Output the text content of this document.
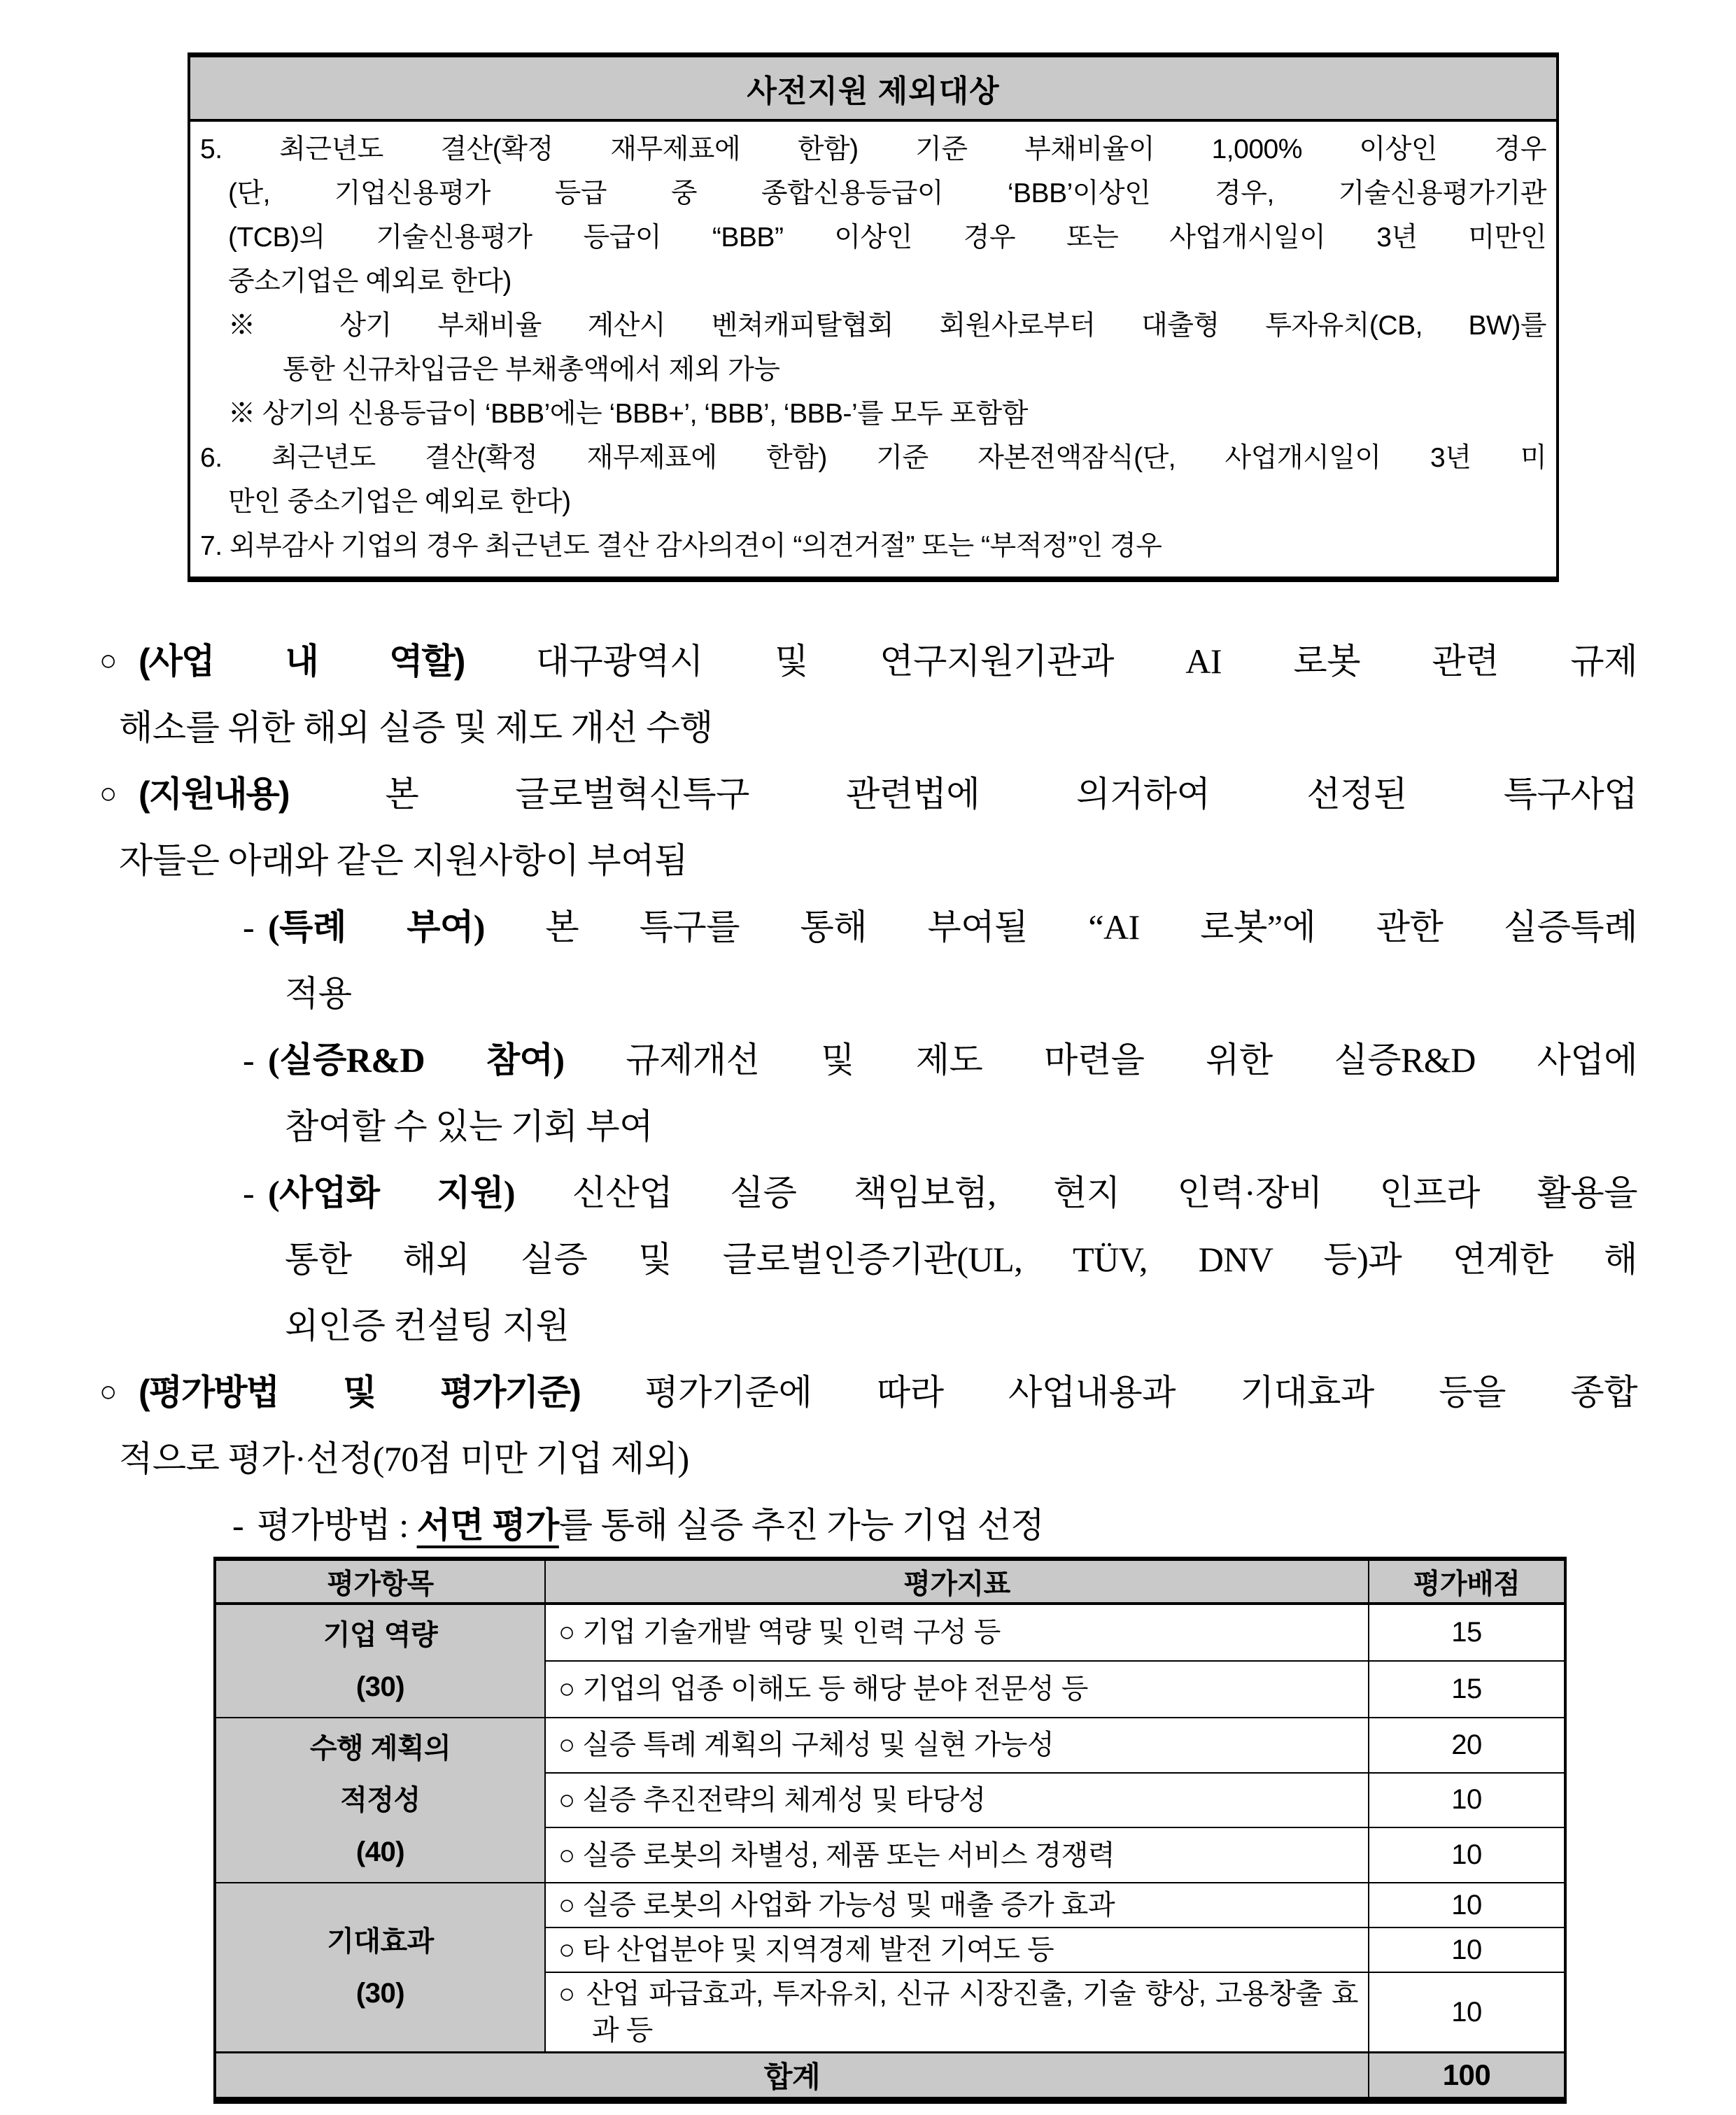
사전지원 제외대상
5. 최근년도 결산(확정 재무제표에 한함) 기준 부채비율이 1,000% 이상인 경우
(단, 기업신용평가 등급 중 종합신용등급이 ‘BBB’이상인 경우, 기술신용평가기관
(TCB)의 기술신용평가 등급이 “BBB” 이상인 경우 또는 사업개시일이 3년 미만인
중소기업은 예외로 한다)
※ 상기 부채비율 계산시 벤쳐캐피탈협회 회원사로부터 대출형 투자유치(CB, BW)를
통한 신규차입금은 부채총액에서 제외 가능
※ 상기의 신용등급이 ‘BBB’에는 ‘BBB+’, ‘BBB’, ‘BBB-’를 모두 포함함
6. 최근년도 결산(확정 재무제표에 한함) 기준 자본전액잠식(단, 사업개시일이 3년 미
만인 중소기업은 예외로 한다)
7. 외부감사 기업의 경우 최근년도 결산 감사의견이 “의견거절” 또는 “부적정”인 경우
○ (사업 내 역할) 대구광역시 및 연구지원기관과 AI 로봇 관련 규제
해소를 위한 해외 실증 및 제도 개선 수행
○ (지원내용) 본 글로벌혁신특구 관련법에 의거하여 선정된 특구사업
자들은 아래와 같은 지원사항이 부여됨
- (특례 부여) 본 특구를 통해 부여될 “AI 로봇”에 관한 실증특례
적용
- (실증R&D 참여) 규제개선 및 제도 마련을 위한 실증R&D 사업에
참여할 수 있는 기회 부여
- (사업화 지원) 신산업 실증 책임보험, 현지 인력·장비 인프라 활용을
통한 해외 실증 및 글로벌인증기관(UL, TÜV, DNV 등)과 연계한 해
외인증 컨설팅 지원
○ (평가방법 및 평가기준) 평가기준에 따라 사업내용과 기대효과 등을 종합
적으로 평가·선정(70점 미만 기업 제외)
- 평가방법 : 서면 평가를 통해 실증 추진 가능 기업 선정
평가항목	평가지표	평가배점

기업 역량
(30)	○ 기업 기술개발 역량 및 인력 구성 등	15
	○ 기업의 업종 이해도 등 해당 분야 전문성 등	15

수행 계획의
적정성
(40)	○ 실증 특례 계획의 구체성 및 실현 가능성	20
	○ 실증 추진전략의 체계성 및 타당성	10
	○ 실증 로봇의 차별성, 제품 또는 서비스 경쟁력	10

기대효과
(30)	○ 실증 로봇의 사업화 가능성 및 매출 증가 효과	10
	○ 타 산업분야 및 지역경제 발전 기여도 등	10
	○ 산업 파급효과, 투자유치, 신규 시장진출, 기술 향상, 고용창출 효과 등	10
합계		100
